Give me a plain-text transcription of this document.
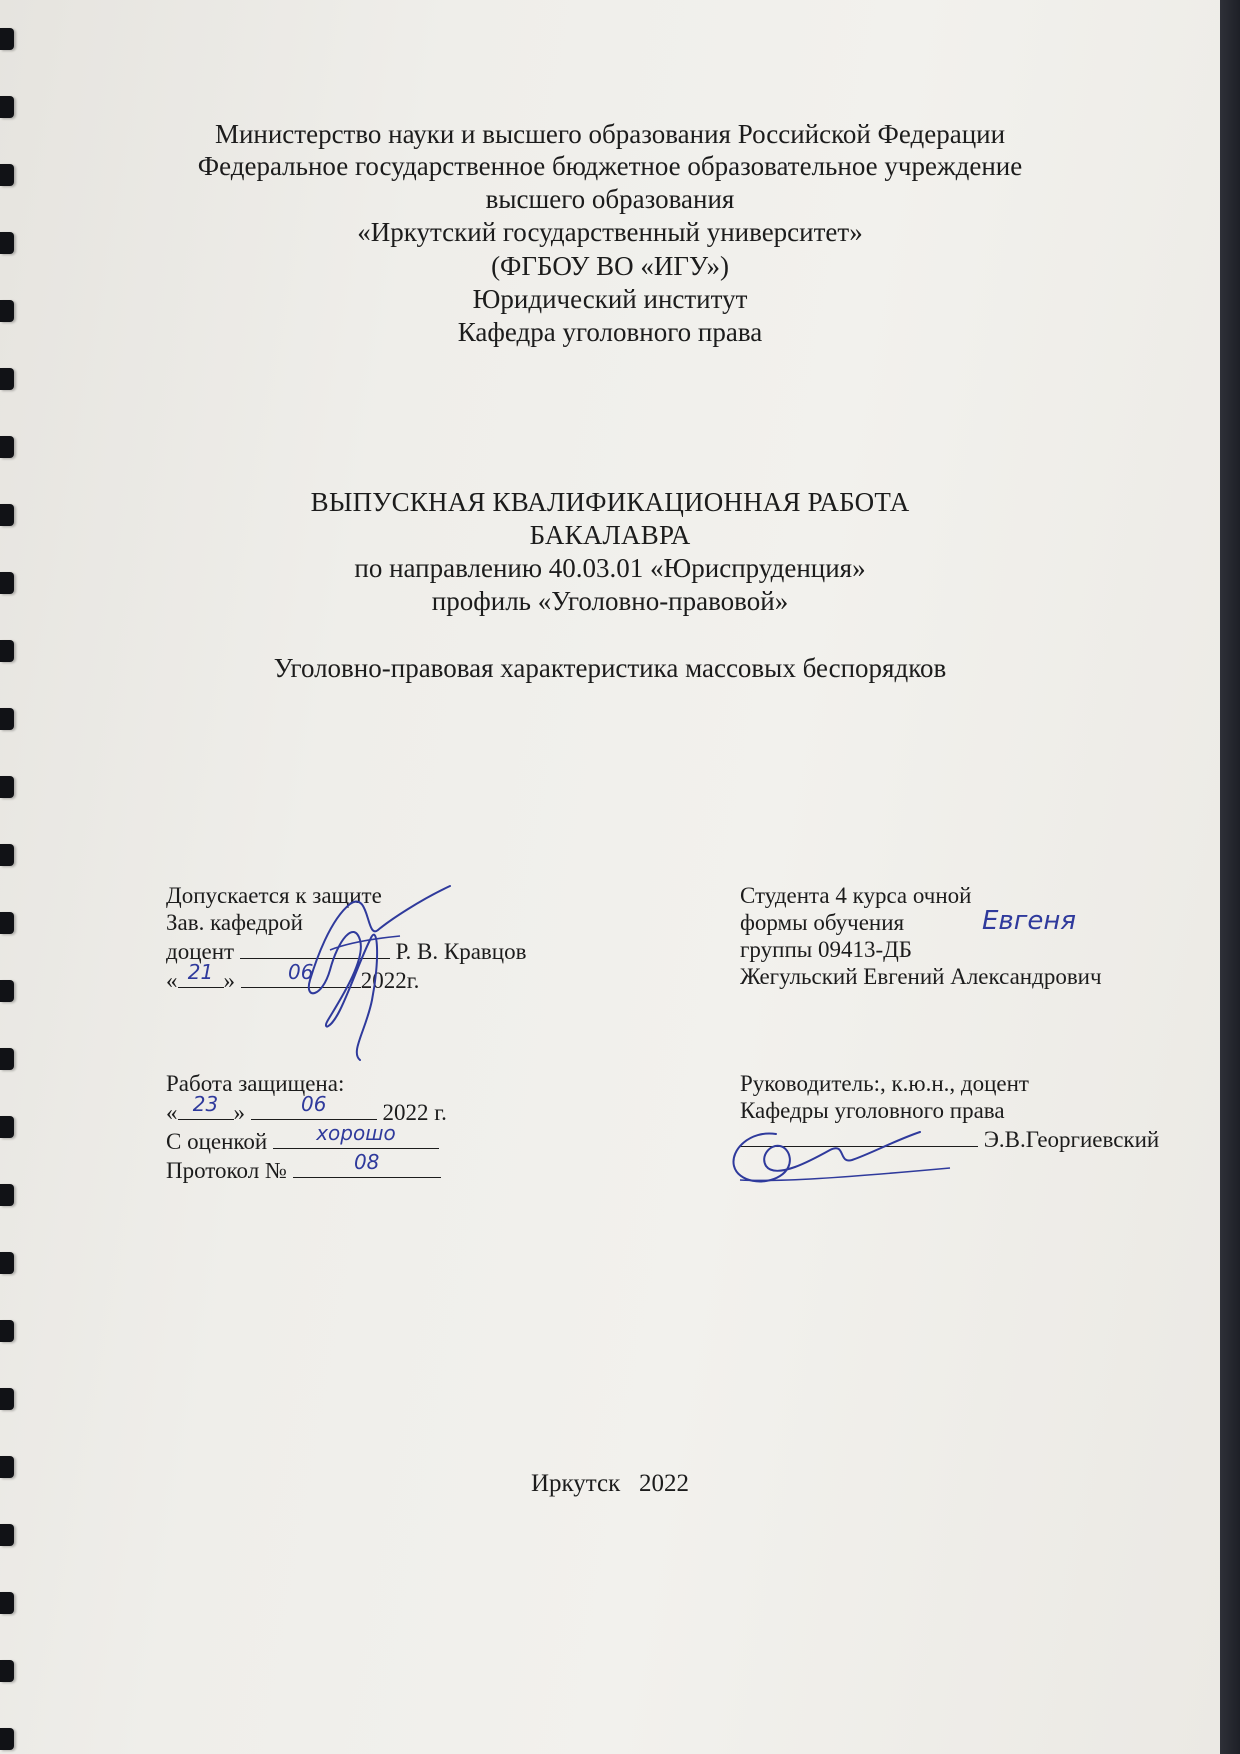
Министерство науки и высшего образования Российской Федерации
Федеральное государственное бюджетное образовательное учреждение
высшего образования
«Иркутский государственный университет»
(ФГБОУ ВО «ИГУ»)
Юридический институт
Кафедра уголовного права
ВЫПУСКНАЯ КВАЛИФИКАЦИОННАЯ РАБОТА
БАКАЛАВРА
по направлению 40.03.01 «Юриспруденция»
профиль «Уголовно-правовой»
Уголовно-правовая характеристика массовых беспорядков
Допускается к защите
Зав. кафедрой
доцент	Р. В. Кравцов
« 21 »	06	2022г.
Студента 4 курса очной
формы обучения
группы 09413-ДБ
Жегульский Евгений Александрович
Евгеня
Работа защищена:
« 23 »	06	2022 г.
С оценкой	хорошо
Протокол №	08
Руководитель:, к.ю.н., доцент
Кафедры уголовного права
Э.В.Георгиевский
Иркутск   2022
